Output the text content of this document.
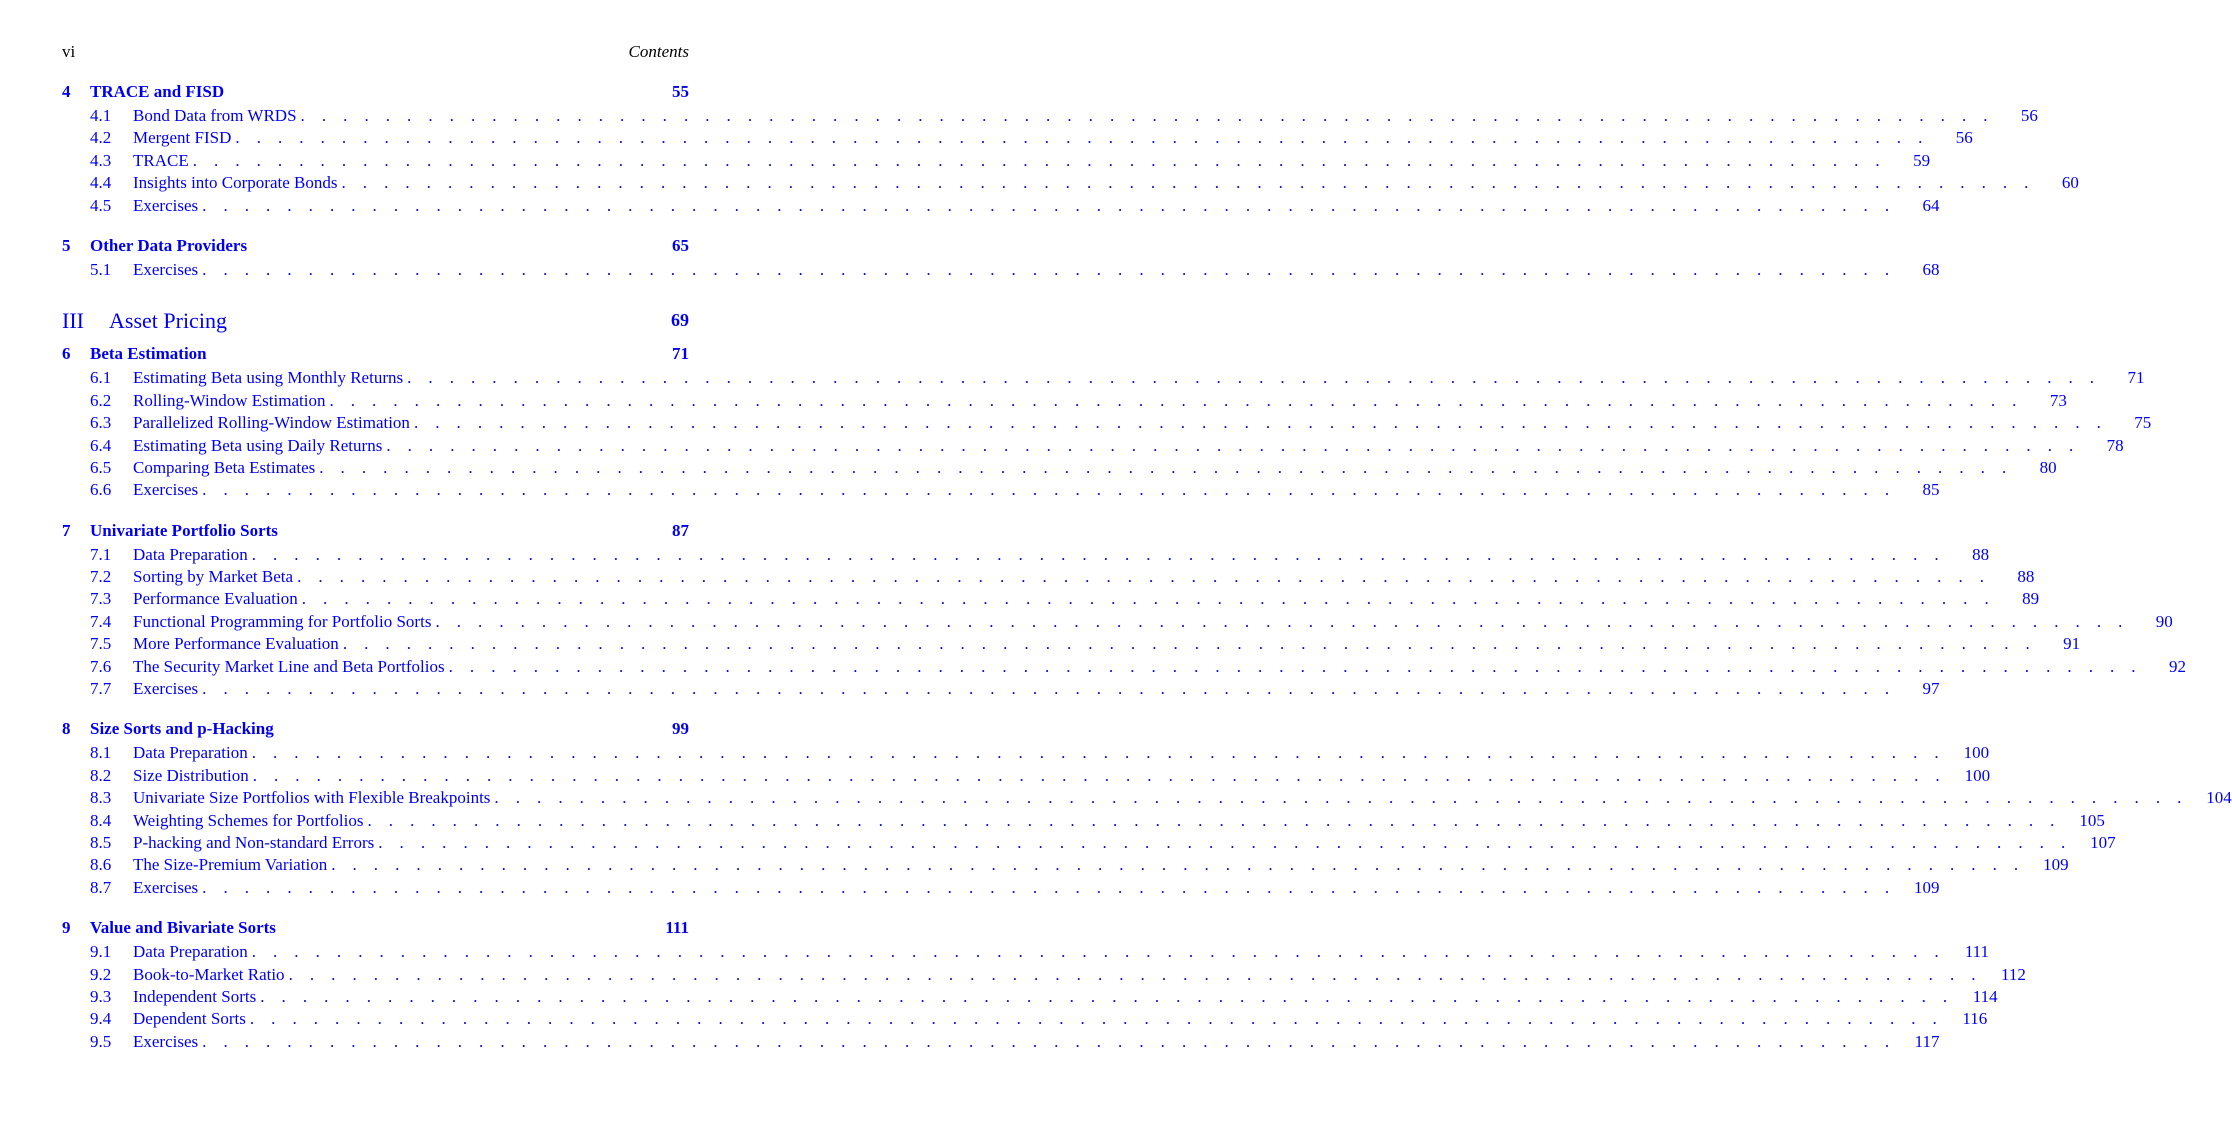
vi	Contents
4 TRACE and FISD	55
4.1 Bond Data from WRDS . . . . . . . . . . . . . . . . . . . . . . . . . . . . . . . . . . . . . . . . . . . . . . . . . . . . . . . . . . . . . . . . . . . . . . . . . . . . . . . .	56
4.2 Mergent FISD . . . . . . . . . . . . . . . . . . . . . . . . . . . . . . . . . . . . . . . . . . . . . . . . . . . . . . . . . . . . . . . . . . . . . . . . . . . . . . . .	56
4.3 TRACE . . . . . . . . . . . . . . . . . . . . . . . . . . . . . . . . . . . . . . . . . . . . . . . . . . . . . . . . . . . . . . . . . . . . . . . . . . . . . . . .	59
4.4 Insights into Corporate Bonds . . . . . . . . . . . . . . . . . . . . . . . . . . . . . . . . . . . . . . . . . . . . . . . . . . . . . . . . . . . . . . . . . . . . . . . . . . . . . . . .	60
4.5 Exercises . . . . . . . . . . . . . . . . . . . . . . . . . . . . . . . . . . . . . . . . . . . . . . . . . . . . . . . . . . . . . . . . . . . . . . . . . . . . . . . .	64
5 Other Data Providers	65
5.1 Exercises . . . . . . . . . . . . . . . . . . . . . . . . . . . . . . . . . . . . . . . . . . . . . . . . . . . . . . . . . . . . . . . . . . . . . . . . . . . . . . . .	68
III Asset Pricing	69
6 Beta Estimation	71
6.1 Estimating Beta using Monthly Returns . . . . . . . . . . . . . . . . . . . . . . . . . . . . . . . . . . . . . . . . . . . . . . . . . . . . . . . . . . . . . . . . . . . . . . . . . . . . . . . .	71
6.2 Rolling-Window Estimation . . . . . . . . . . . . . . . . . . . . . . . . . . . . . . . . . . . . . . . . . . . . . . . . . . . . . . . . . . . . . . . . . . . . . . . . . . . . . . . .	73
6.3 Parallelized Rolling-Window Estimation . . . . . . . . . . . . . . . . . . . . . . . . . . . . . . . . . . . . . . . . . . . . . . . . . . . . . . . . . . . . . . . . . . . . . . . . . . . . . . . .	75
6.4 Estimating Beta using Daily Returns . . . . . . . . . . . . . . . . . . . . . . . . . . . . . . . . . . . . . . . . . . . . . . . . . . . . . . . . . . . . . . . . . . . . . . . . . . . . . . . .	78
6.5 Comparing Beta Estimates . . . . . . . . . . . . . . . . . . . . . . . . . . . . . . . . . . . . . . . . . . . . . . . . . . . . . . . . . . . . . . . . . . . . . . . . . . . . . . . .	80
6.6 Exercises . . . . . . . . . . . . . . . . . . . . . . . . . . . . . . . . . . . . . . . . . . . . . . . . . . . . . . . . . . . . . . . . . . . . . . . . . . . . . . . .	85
7 Univariate Portfolio Sorts	87
7.1 Data Preparation . . . . . . . . . . . . . . . . . . . . . . . . . . . . . . . . . . . . . . . . . . . . . . . . . . . . . . . . . . . . . . . . . . . . . . . . . . . . . . . .	88
7.2 Sorting by Market Beta . . . . . . . . . . . . . . . . . . . . . . . . . . . . . . . . . . . . . . . . . . . . . . . . . . . . . . . . . . . . . . . . . . . . . . . . . . . . . . . .	88
7.3 Performance Evaluation . . . . . . . . . . . . . . . . . . . . . . . . . . . . . . . . . . . . . . . . . . . . . . . . . . . . . . . . . . . . . . . . . . . . . . . . . . . . . . . .	89
7.4 Functional Programming for Portfolio Sorts . . . . . . . . . . . . . . . . . . . . . . . . . . . . . . . . . . . . . . . . . . . . . . . . . . . . . . . . . . . . . . . . . . . . . . . . . . . . . . . .	90
7.5 More Performance Evaluation . . . . . . . . . . . . . . . . . . . . . . . . . . . . . . . . . . . . . . . . . . . . . . . . . . . . . . . . . . . . . . . . . . . . . . . . . . . . . . . .	91
7.6 The Security Market Line and Beta Portfolios . . . . . . . . . . . . . . . . . . . . . . . . . . . . . . . . . . . . . . . . . . . . . . . . . . . . . . . . . . . . . . . . . . . . . . . . . . . . . . . .	92
7.7 Exercises . . . . . . . . . . . . . . . . . . . . . . . . . . . . . . . . . . . . . . . . . . . . . . . . . . . . . . . . . . . . . . . . . . . . . . . . . . . . . . . .	97
8 Size Sorts and p-Hacking	99
8.1 Data Preparation . . . . . . . . . . . . . . . . . . . . . . . . . . . . . . . . . . . . . . . . . . . . . . . . . . . . . . . . . . . . . . . . . . . . . . . . . . . . . . . .	100
8.2 Size Distribution . . . . . . . . . . . . . . . . . . . . . . . . . . . . . . . . . . . . . . . . . . . . . . . . . . . . . . . . . . . . . . . . . . . . . . . . . . . . . . . .	100
8.3 Univariate Size Portfolios with Flexible Breakpoints . . . . . . . . . . . . . . . . . . . . . . . . . . . . . . . . . . . . . . . . . . . . . . . . . . . . . . . . . . . . . . . . . . . . . . . . . . . . . . . .	104
8.4 Weighting Schemes for Portfolios . . . . . . . . . . . . . . . . . . . . . . . . . . . . . . . . . . . . . . . . . . . . . . . . . . . . . . . . . . . . . . . . . . . . . . . . . . . . . . . .	105
8.5 P-hacking and Non-standard Errors . . . . . . . . . . . . . . . . . . . . . . . . . . . . . . . . . . . . . . . . . . . . . . . . . . . . . . . . . . . . . . . . . . . . . . . . . . . . . . . .	107
8.6 The Size-Premium Variation . . . . . . . . . . . . . . . . . . . . . . . . . . . . . . . . . . . . . . . . . . . . . . . . . . . . . . . . . . . . . . . . . . . . . . . . . . . . . . . .	109
8.7 Exercises . . . . . . . . . . . . . . . . . . . . . . . . . . . . . . . . . . . . . . . . . . . . . . . . . . . . . . . . . . . . . . . . . . . . . . . . . . . . . . . .	109
9 Value and Bivariate Sorts	111
9.1 Data Preparation . . . . . . . . . . . . . . . . . . . . . . . . . . . . . . . . . . . . . . . . . . . . . . . . . . . . . . . . . . . . . . . . . . . . . . . . . . . . . . . .	111
9.2 Book-to-Market Ratio . . . . . . . . . . . . . . . . . . . . . . . . . . . . . . . . . . . . . . . . . . . . . . . . . . . . . . . . . . . . . . . . . . . . . . . . . . . . . . . .	112
9.3 Independent Sorts . . . . . . . . . . . . . . . . . . . . . . . . . . . . . . . . . . . . . . . . . . . . . . . . . . . . . . . . . . . . . . . . . . . . . . . . . . . . . . . .	114
9.4 Dependent Sorts . . . . . . . . . . . . . . . . . . . . . . . . . . . . . . . . . . . . . . . . . . . . . . . . . . . . . . . . . . . . . . . . . . . . . . . . . . . . . . . .	116
9.5 Exercises . . . . . . . . . . . . . . . . . . . . . . . . . . . . . . . . . . . . . . . . . . . . . . . . . . . . . . . . . . . . . . . . . . . . . . . . . . . . . . . .	117
